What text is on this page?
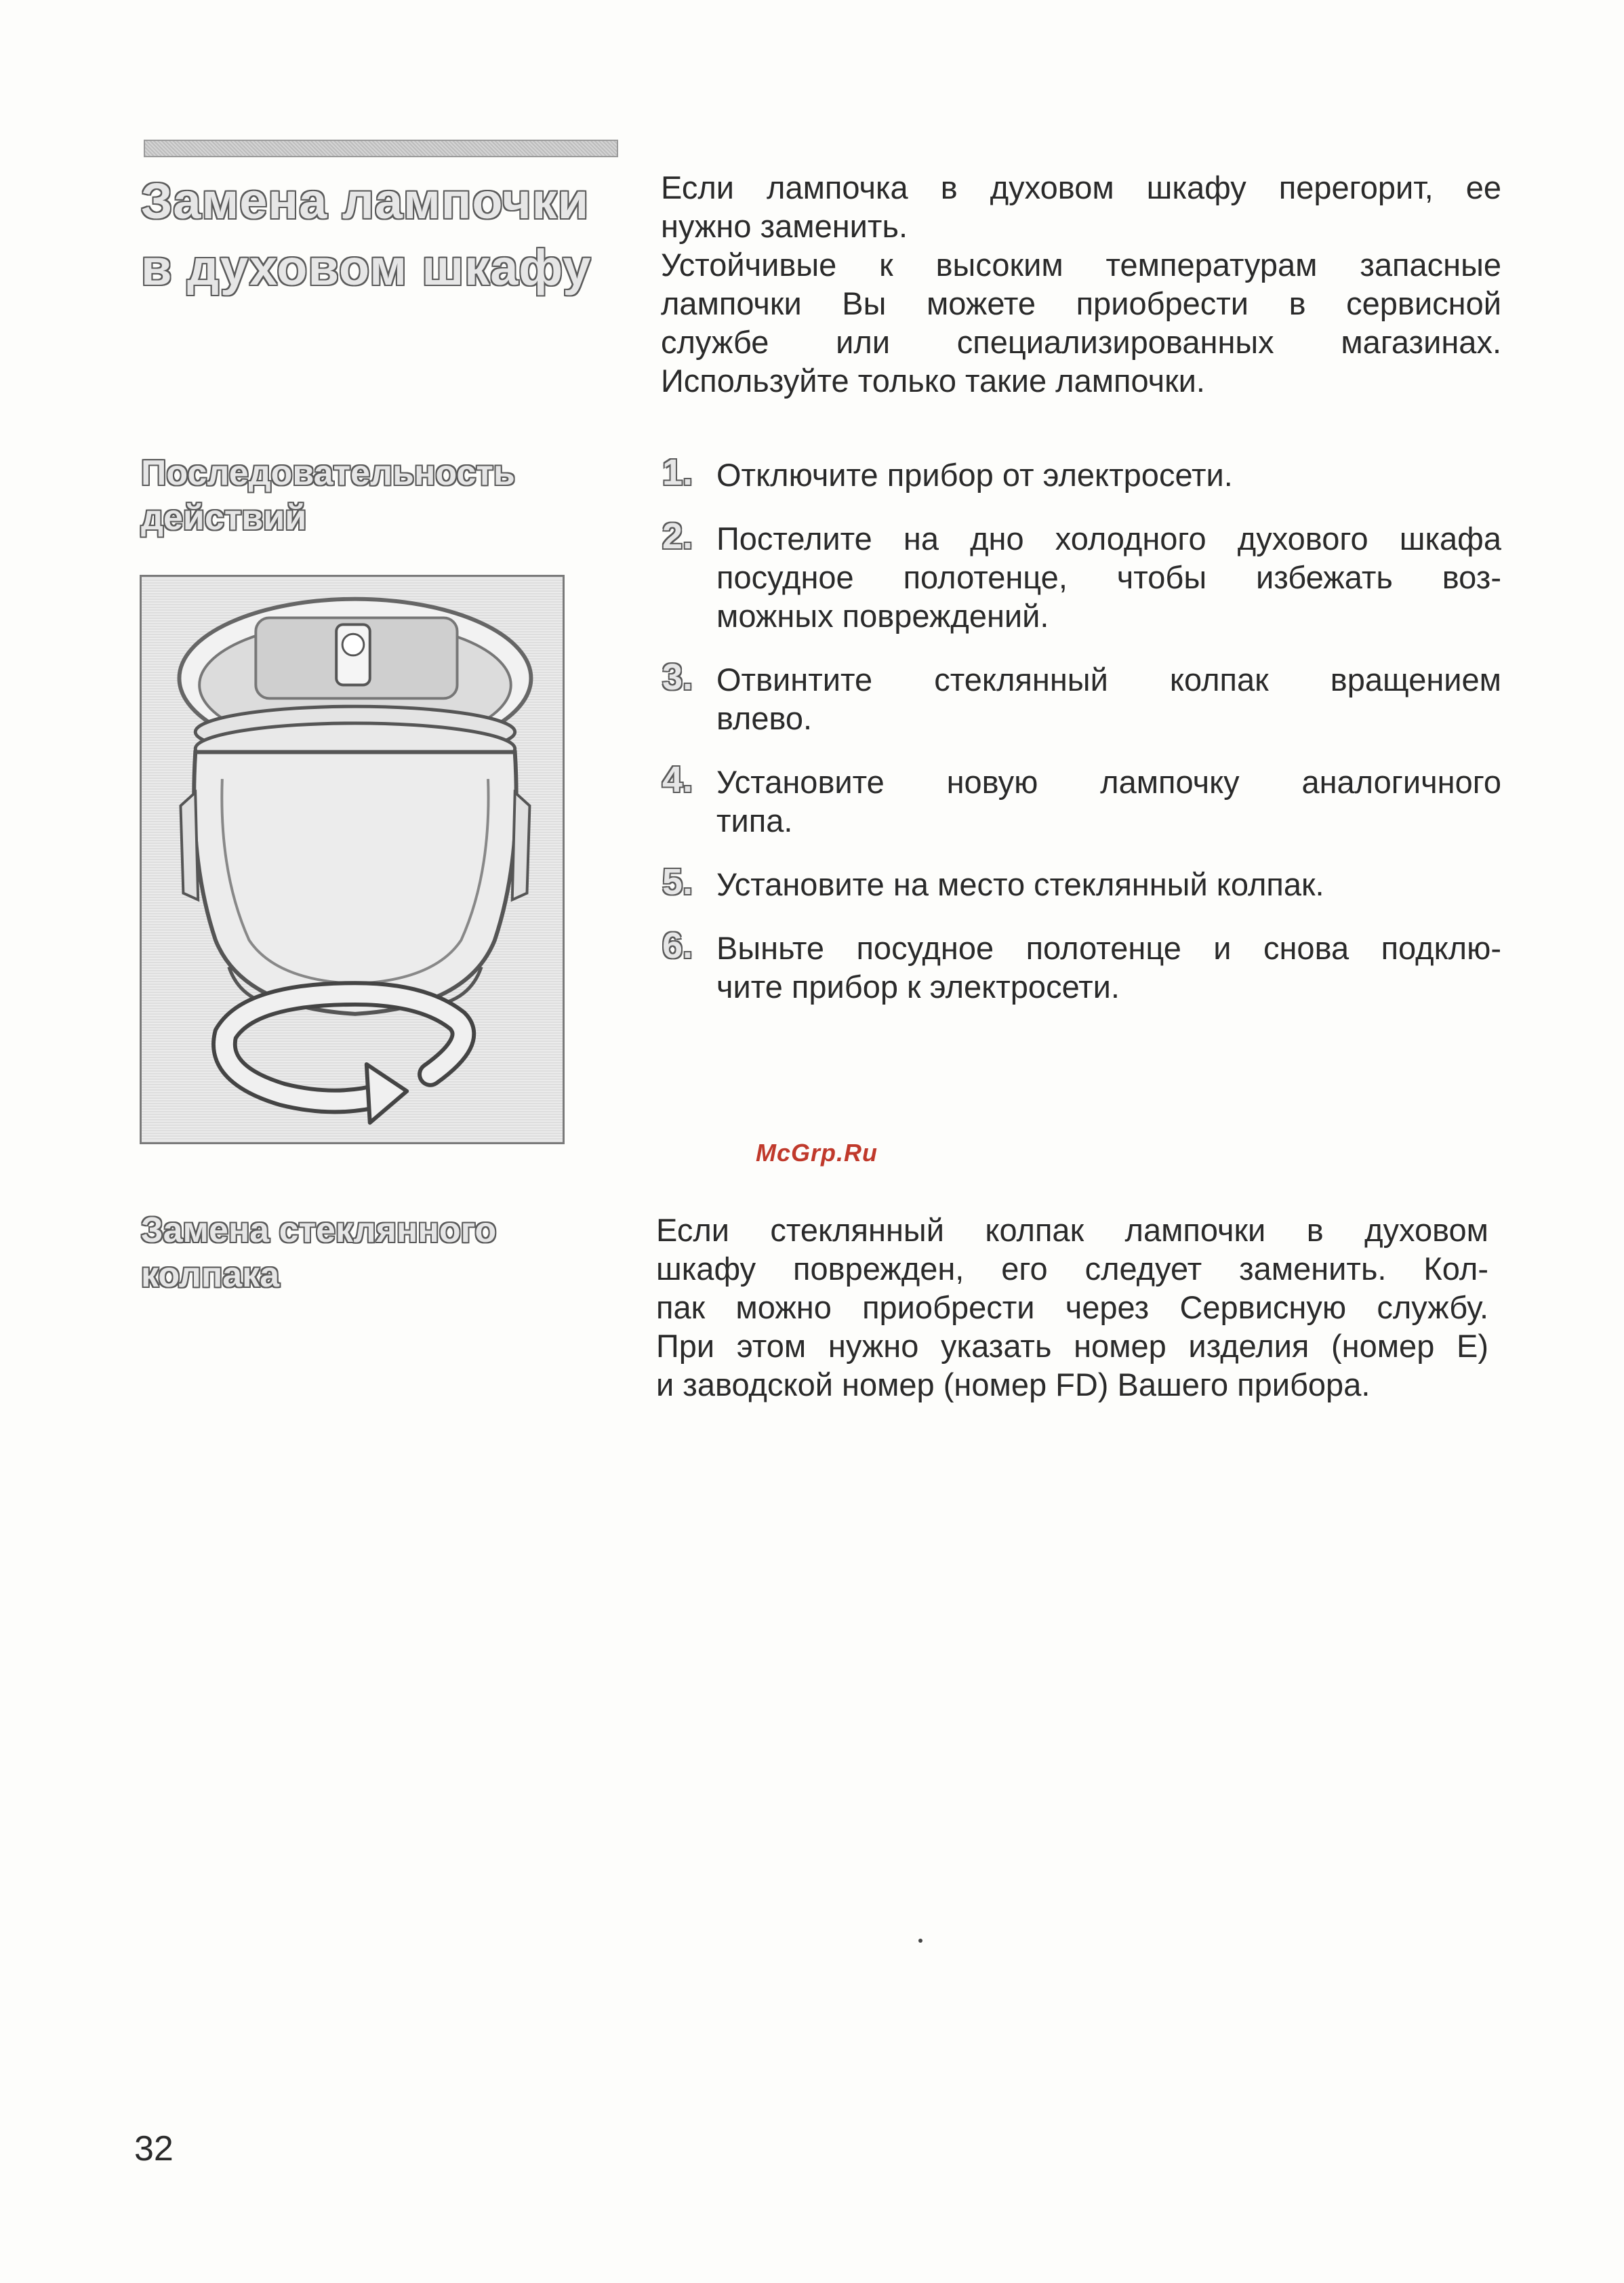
Замена лампочки
в духовом шкафу
Если лампочка в духовом шкафу перегорит, ее
нужно заменить.
Устойчивые к высоким температурам запасные
лампочки Вы можете приобрести в сервисной
службе или специализированных магазинах.
Используйте только такие лампочки.
Последовательность
действий
1. Отключите прибор от электросети.
2. Постелите на дно холодного духового шкафа
посудное полотенце, чтобы избежать воз-
можных повреждений.
3. Отвинтите стеклянный колпак вращением
влево.
4. Установите новую лампочку аналогичного
типа.
5. Установите на место стеклянный колпак.
6. Выньте посудное полотенце и снова подклю-
чите прибор к электросети.
McGrp.Ru
Замена стеклянного
колпака
Если стеклянный колпак лампочки в духовом
шкафу поврежден, его следует заменить. Кол-
пак можно приобрести через Сервисную службу.
При этом нужно указать номер изделия (номер Е)
и заводской номер (номер FD) Вашего прибора.
32
